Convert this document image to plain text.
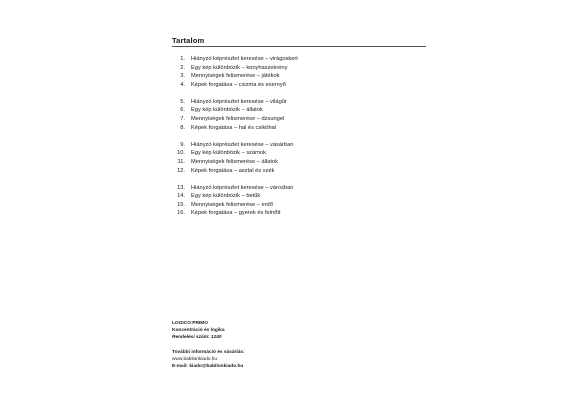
Tartalom
1. Hiányzó képrészlet keresése – virágoskert
2. Egy kép különbözik – konyhaszekrény
3. Mennyiségek felismerése – játékok
4. Képek forgatása – csizma és esernyő
5. Hiányzó képrészlet keresése – világűr
6. Egy kép különbözik – állatok
7. Mennyiségek felismerése – dzsungel
8. Képek forgatása – hal és csikóhal
9. Hiányzó képrészlet keresése – vásárban
10. Egy kép különbözik – számok
11. Mennyiségek felismerése – állatok
12. Képek forgatása – asztal és szék
13. Hiányzó képrészlet keresése – városban
14. Egy kép különbözik – betűk
15. Mennyiségek felismerése – erdő
16. Képek forgatása – gyerek és felnőtt
LOGICO PRIMO
Koncentráció és logika
Rendelési szám: 1240
További információ és vásárlás:
www.babilonkiado.hu
E-mail: kiado@babilonkiado.hu
